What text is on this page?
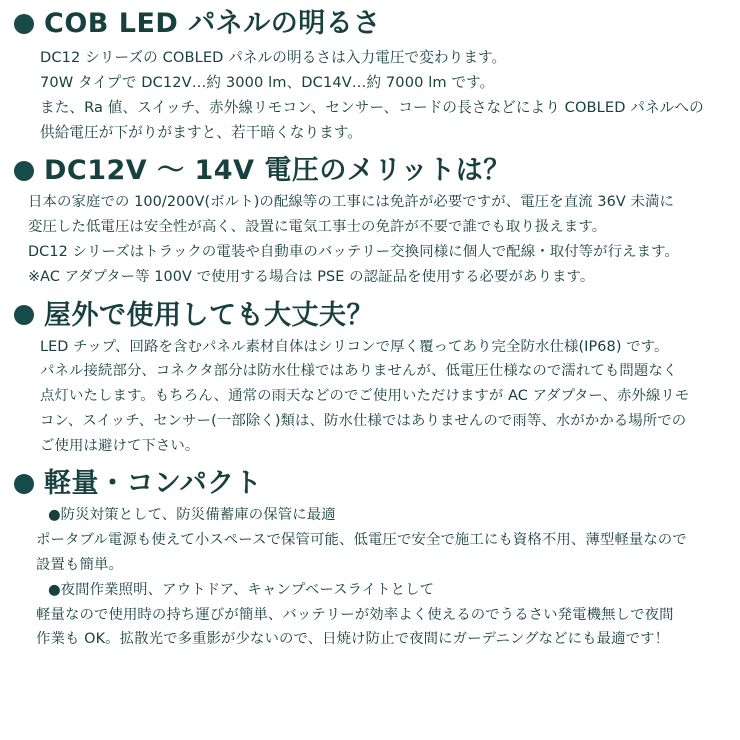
COB LED パネルの明るさ
DC12 シリーズの COBLED パネルの明るさは入力電圧で変わります。
70W タイプで DC12V…約 3000 lm、DC14V…約 7000 lm です。
また、Ra 値、スイッチ、赤外線リモコン、センサー、コードの長さなどにより COBLED パネルへの
供給電圧が下がりがますと、若干暗くなります。
DC12V 〜 14V 電圧のメリットは？
日本の家庭での 100/200V(ボルト)の配線等の工事には免許が必要ですが、電圧を直流 36V 未満に
変圧した低電圧は安全性が高く、設置に電気工事士の免許が不要で誰でも取り扱えます。
DC12 シリーズはトラックの電装や自動車のバッテリー交換同様に個人で配線・取付等が行えます。
※AC アダプター等 100V で使用する場合は PSE の認証品を使用する必要があります。
屋外で使用しても大丈夫？
LED チップ、回路を含むパネル素材自体はシリコンで厚く覆ってあり完全防水仕様(IP68) です。
パネル接続部分、コネクタ部分は防水仕様ではありませんが、低電圧仕様なので濡れても問題なく
点灯いたします。もちろん、通常の雨天などのでご使用いただけますが AC アダプター、赤外線リモ
コン、スイッチ、センサー(一部除く)類は、防水仕様ではありませんので雨等、水がかかる場所での
ご使用は避けて下さい。
軽量・コンパクト
●防災対策として、防災備蓄庫の保管に最適
ポータブル電源も使えて小スペースで保管可能、低電圧で安全で施工にも資格不用、薄型軽量なので
設置も簡単。
●夜間作業照明、アウトドア、キャンプベースライトとして
軽量なので使用時の持ち運びが簡単、バッテリーが効率よく使えるのでうるさい発電機無しで夜間
作業も OK。拡散光で多重影が少ないので、日焼け防止で夜間にガーデニングなどにも最適です！
